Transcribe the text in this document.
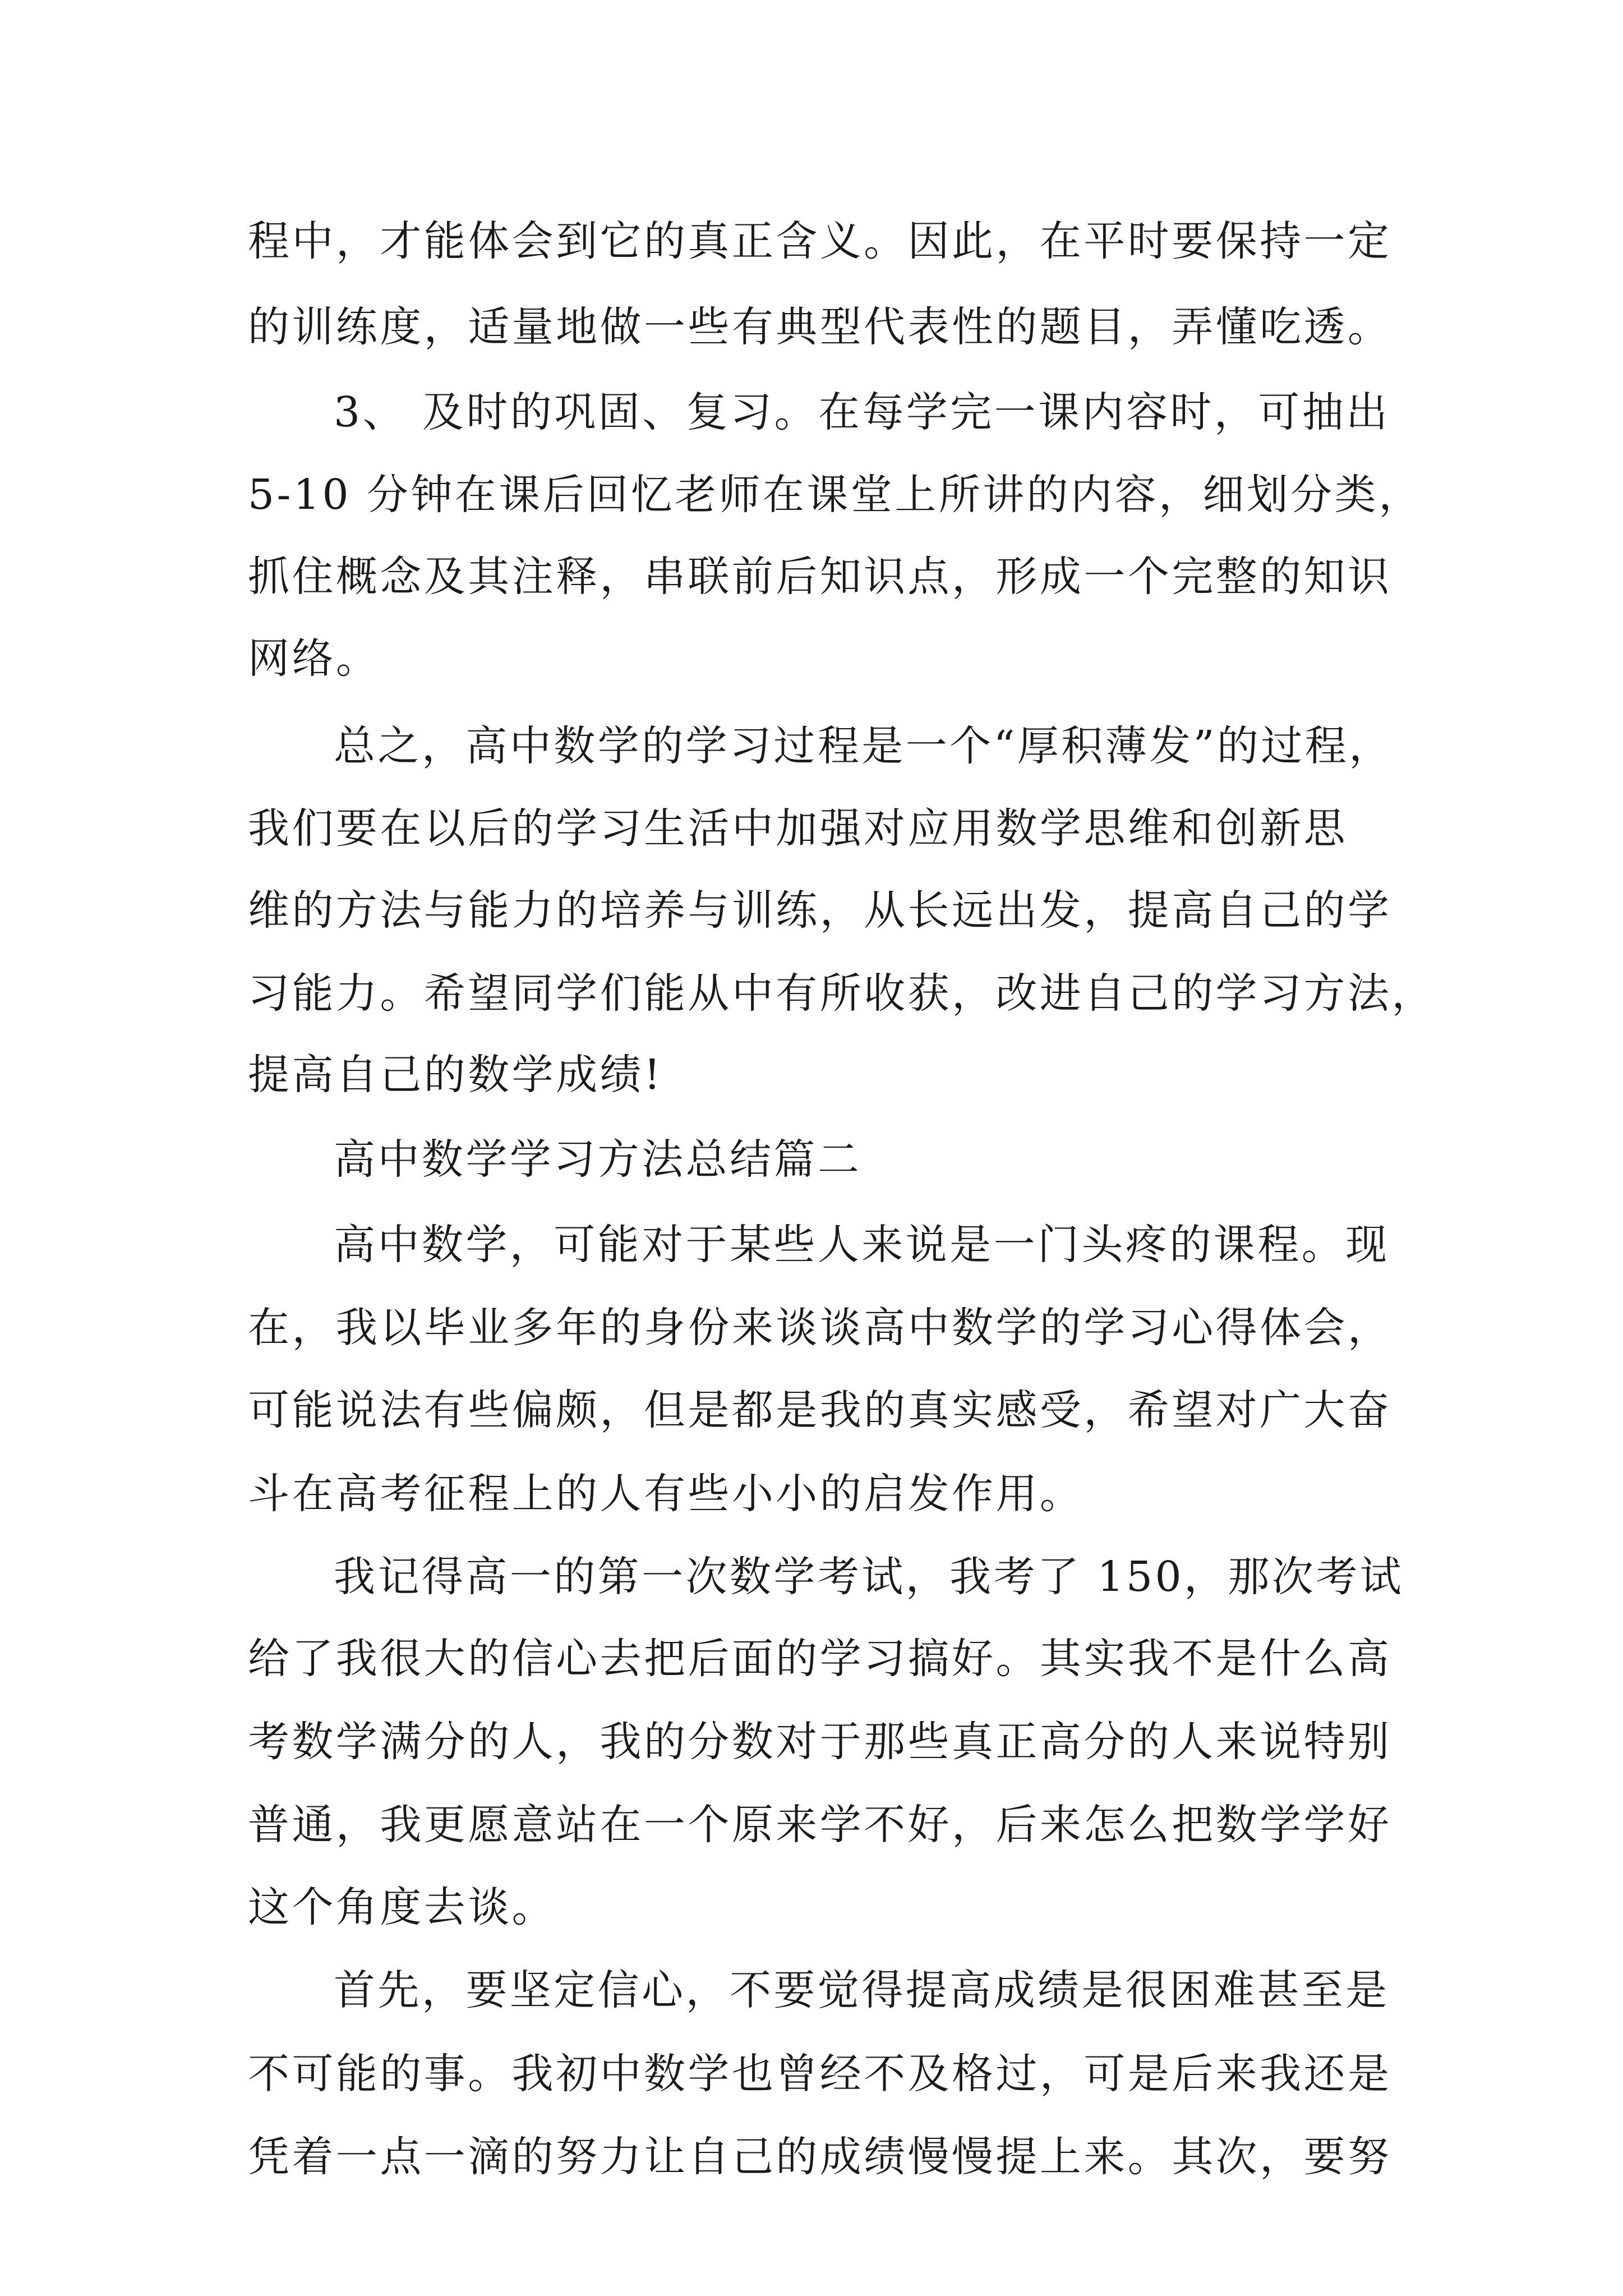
程中，才能体会到它的真正含义。因此，在平时要保持一定
的训练度，适量地做一些有典型代表性的题目，弄懂吃透。
3、 及时的巩固、复习。在每学完一课内容时，可抽出
5-10 分钟在课后回忆老师在课堂上所讲的内容，细划分类，
抓住概念及其注释，串联前后知识点，形成一个完整的知识
网络。
总之，高中数学的学习过程是一个“厚积薄发”的过程，
我们要在以后的学习生活中加强对应用数学思维和创新思
维的方法与能力的培养与训练，从长远出发，提高自己的学
习能力。希望同学们能从中有所收获，改进自己的学习方法，
提高自己的数学成绩!
高中数学学习方法总结篇二
高中数学，可能对于某些人来说是一门头疼的课程。现
在，我以毕业多年的身份来谈谈高中数学的学习心得体会，
可能说法有些偏颇，但是都是我的真实感受，希望对广大奋
斗在高考征程上的人有些小小的启发作用。
我记得高一的第一次数学考试，我考了 150，那次考试
给了我很大的信心去把后面的学习搞好。其实我不是什么高
考数学满分的人，我的分数对于那些真正高分的人来说特别
普通，我更愿意站在一个原来学不好，后来怎么把数学学好
这个角度去谈。
首先，要坚定信心，不要觉得提高成绩是很困难甚至是
不可能的事。我初中数学也曾经不及格过，可是后来我还是
凭着一点一滴的努力让自己的成绩慢慢提上来。其次，要努
